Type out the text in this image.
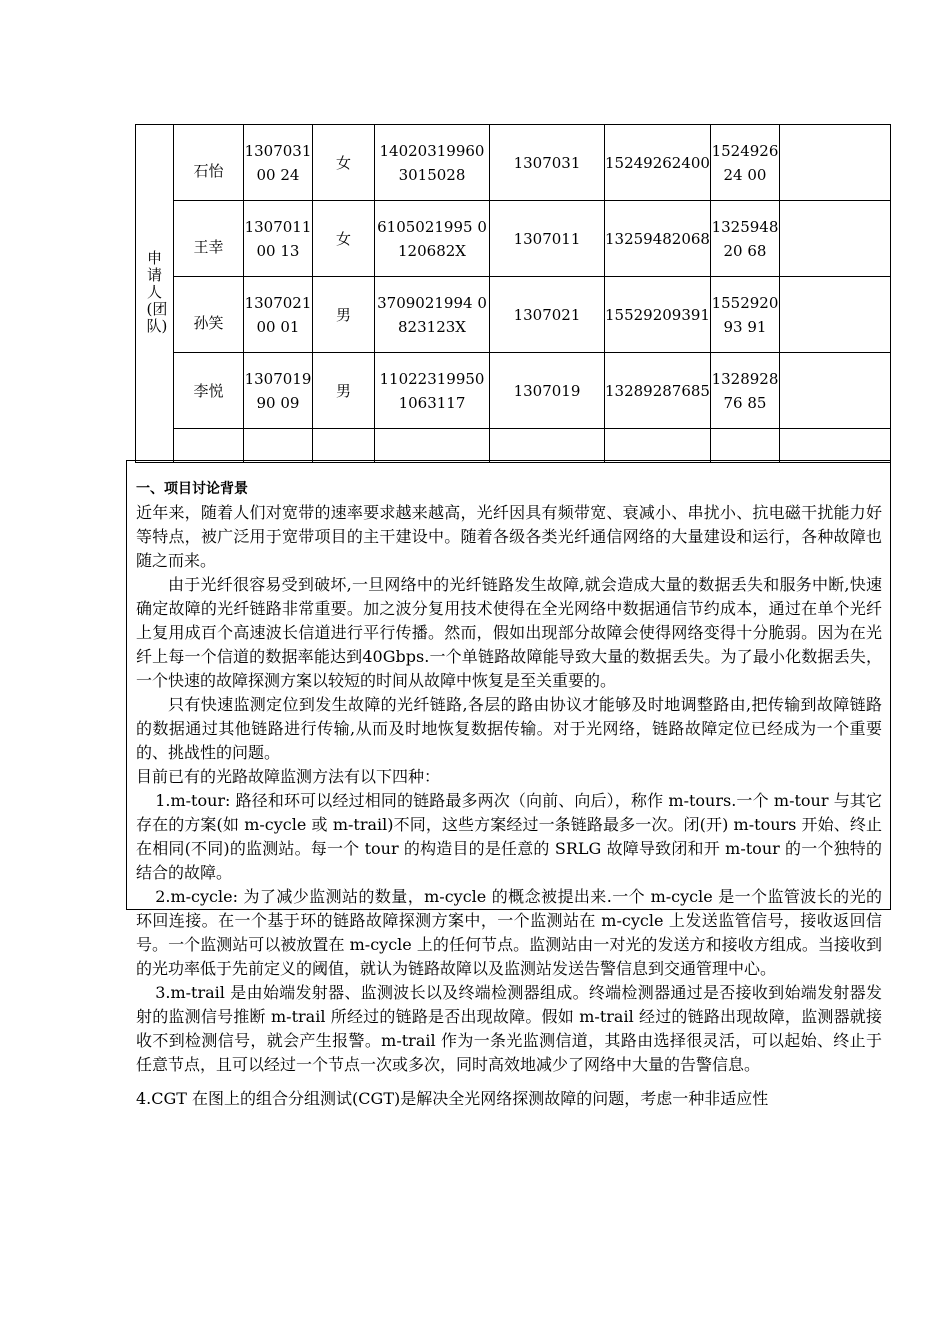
申请人(团队)	石怡	130703100 24	女	140203199603015028	1307031	15249262400	152492624 00	
	王幸	130701100 13	女	6105021995 0120682X	1307011	13259482068	132594820 68	
	孙笑	130702100 01	男	3709021994 0823123X	1307021	15529209391	155292093 91	
	李悦	130701990 09	男	110223199501063117	1307019	13289287685	132892876 85	

一、项目讨论背景

近年来，随着人们对宽带的速率要求越来越高，光纤因具有频带宽、衰减小、串扰小、抗电磁干扰能力好等特点，被广泛用于宽带项目的主干建设中。随着各级各类光纤通信网络的大量建设和运行，各种故障也随之而来。

由于光纤很容易受到破坏,一旦网络中的光纤链路发生故障,就会造成大量的数据丢失和服务中断,快速确定故障的光纤链路非常重要。加之波分复用技术使得在全光网络中数据通信节约成本，通过在单个光纤上复用成百个高速波长信道进行平行传播。然而，假如出现部分故障会使得网络变得十分脆弱。因为在光纤上每一个信道的数据率能达到40Gbps.一个单链路故障能导致大量的数据丢失。为了最小化数据丢失，一个快速的故障探测方案以较短的时间从故障中恢复是至关重要的。

只有快速监测定位到发生故障的光纤链路,各层的路由协议才能够及时地调整路由,把传输到故障链路的数据通过其他链路进行传输,从而及时地恢复数据传输。对于光网络，链路故障定位已经成为一个重要的、挑战性的问题。

目前已有的光路故障监测方法有以下四种：

1.m-tour: 路径和环可以经过相同的链路最多两次（向前、向后），称作 m-tours.一个 m-tour 与其它存在的方案(如 m-cycle 或 m-trail)不同，这些方案经过一条链路最多一次。闭(开) m-tours 开始、终止在相同(不同)的监测站。每一个 tour 的构造目的是任意的 SRLG 故障导致闭和开 m-tour 的一个独特的结合的故障。

2.m-cycle: 为了减少监测站的数量，m-cycle 的概念被提出来.一个 m-cycle 是一个监管波长的光的环回连接。在一个基于环的链路故障探测方案中，一个监测站在 m-cycle 上发送监管信号，接收返回信号。一个监测站可以被放置在 m-cycle 上的任何节点。监测站由一对光的发送方和接收方组成。当接收到的光功率低于先前定义的阈值，就认为链路故障以及监测站发送告警信息到交通管理中心。

3.m-trail 是由始端发射器、监测波长以及终端检测器组成。终端检测器通过是否接收到始端发射器发射的监测信号推断 m-trail 所经过的链路是否出现故障。假如 m-trail 经过的链路出现故障，监测器就接收不到检测信号，就会产生报警。m-trail 作为一条光监测信道，其路由选择很灵活，可以起始、终止于任意节点，且可以经过一个节点一次或多次，同时高效地减少了网络中大量的告警信息。

4.CGT 在图上的组合分组测试(CGT)是解决全光网络探测故障的问题，考虑一种非适应性
